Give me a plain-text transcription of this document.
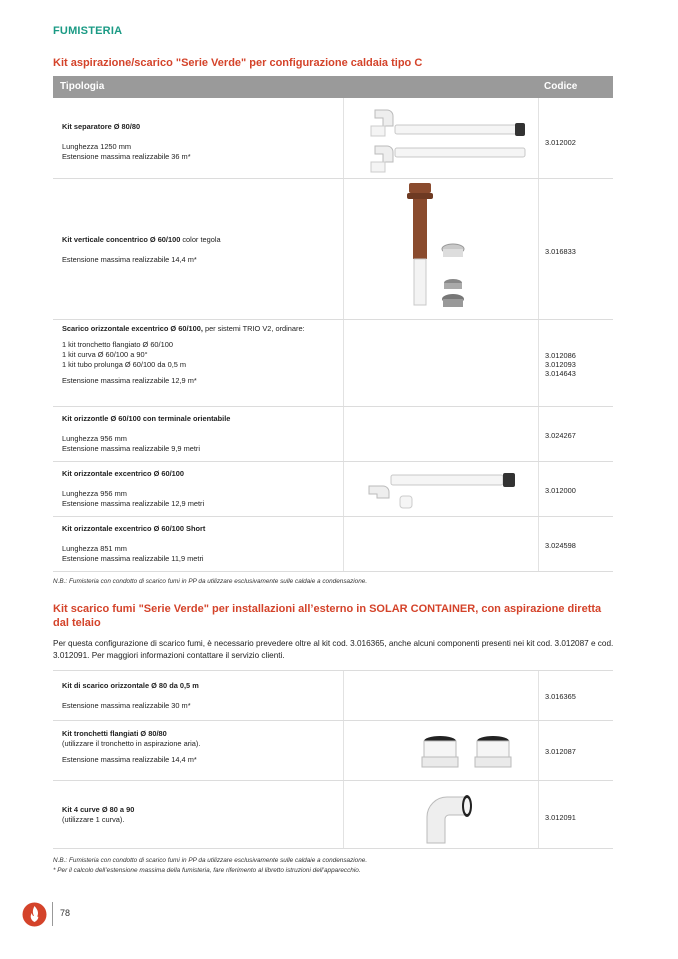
FUMISTERIA
Kit aspirazione/scarico "Serie Verde" per configurazione caldaia tipo C
Tipologia	Codice
Kit separatore Ø 80/80

Lunghezza 1250 mm
Estensione massima realizzabile 36 m*
3.012002
Kit verticale concentrico Ø 60/100 color tegola

Estensione massima realizzabile 14,4 m*
3.016833
Scarico orizzontale excentrico Ø 60/100, per sistemi TRIO V2, ordinare:

1 kit tronchetto flangiato Ø 60/100
1 kit curva Ø 60/100 a 90°
1 kit tubo prolunga Ø 60/100 da 0,5 m

Estensione massima realizzabile 12,9 m*
3.012086
3.012093
3.014643
Kit orizzontle Ø 60/100 con terminale orientabile

Lunghezza 956 mm
Estensione massima realizzabile 9,9 metri
3.024267
Kit orizzontale excentrico Ø 60/100

Lunghezza 956 mm
Estensione massima realizzabile 12,9 metri
3.012000
Kit orizzontale excentrico Ø 60/100 Short

Lunghezza 851 mm
Estensione massima realizzabile 11,9 metri
3.024598
N.B.: Fumisteria con condotto di scarico fumi in PP da utilizzare esclusivamente sulle caldaie a condensazione.
Kit scarico fumi "Serie Verde" per installazioni all’esterno in SOLAR CONTAINER, con aspirazione diretta dal telaio
Per questa configurazione di scarico fumi, è necessario prevedere oltre al kit cod. 3.016365, anche alcuni componenti presenti nei kit cod. 3.012087 e cod. 3.012091. Per maggiori informazioni contattare il servizio clienti.
Kit di scarico orizzontale Ø 80 da 0,5 m

Estensione massima realizzabile 30 m*
3.016365
Kit tronchetti flangiati Ø 80/80
(utilizzare il tronchetto in aspirazione aria).

Estensione massima realizzabile 14,4 m*
3.012087
Kit 4 curve Ø 80 a 90
(utilizzare 1 curva).	3.012091
N.B.: Fumisteria con condotto di scarico fumi in PP da utilizzare esclusivamente sulle caldaie a condensazione.
* Per il calcolo dell’estensione massima della fumisteria, fare riferimento al libretto istruzioni dell’apparecchio.
78
